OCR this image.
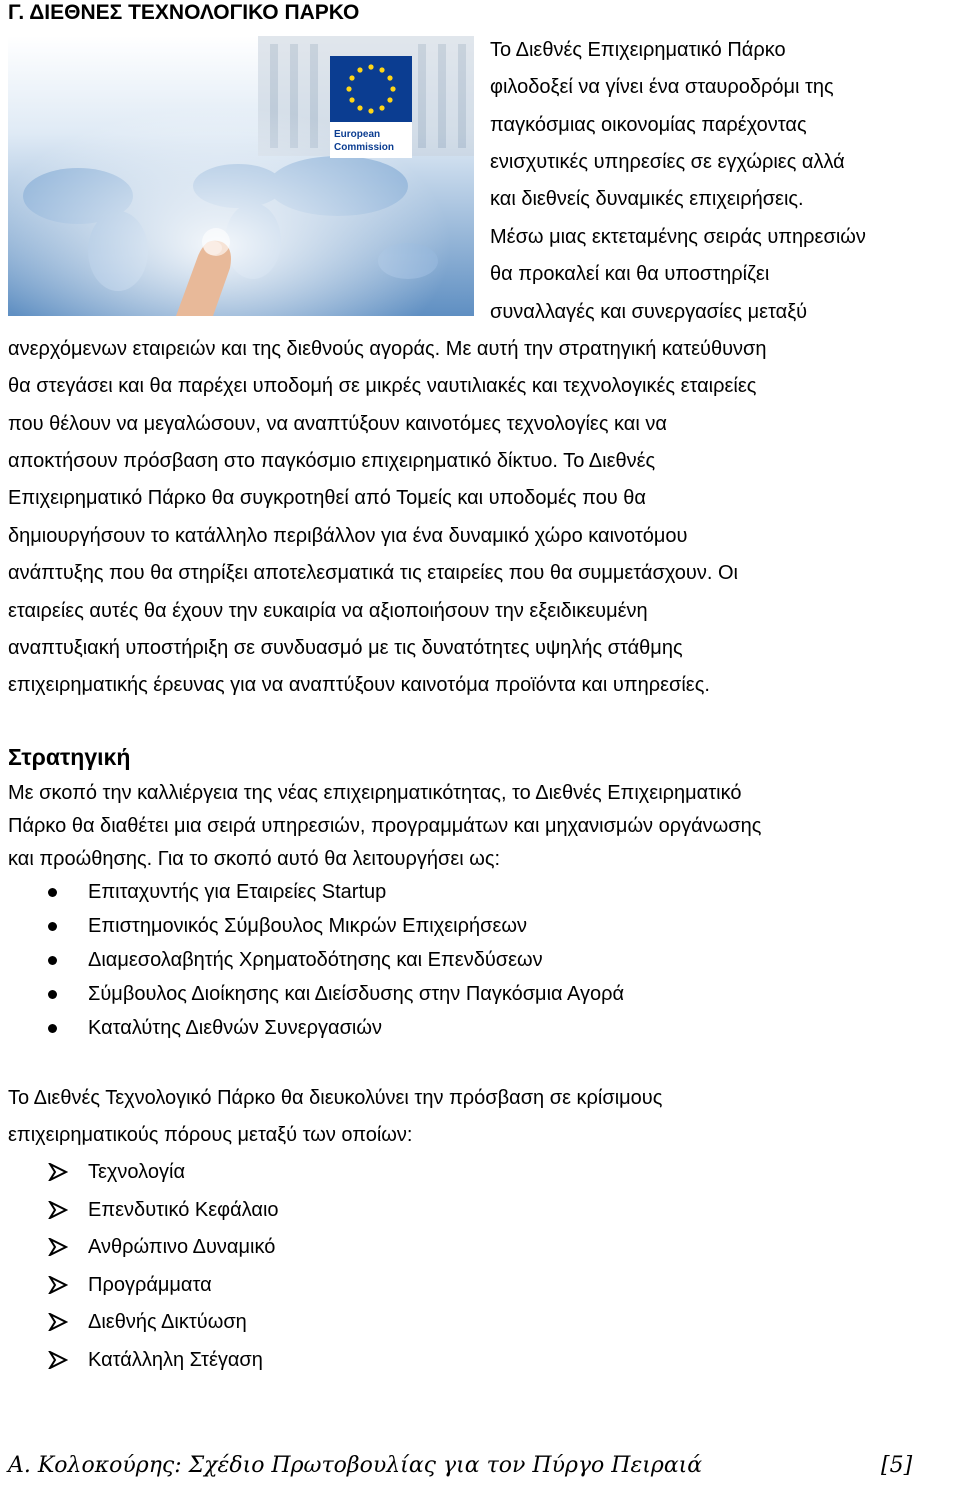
Γ. ΔΙΕΘΝΕΣ ΤΕΧΝΟΛΟΓΙΚΟ ΠΑΡΚΟ
European
Commission
Το Διεθνές Επιχειρηματικό Πάρκο
φιλοδοξεί να γίνει ένα σταυροδρόμι της
παγκόσμιας οικονομίας παρέχοντας
ενισχυτικές υπηρεσίες σε εγχώριες αλλά
και διεθνείς δυναμικές επιχειρήσεις.
Μέσω μιας εκτεταμένης σειράς υπηρεσιών
θα προκαλεί και θα υποστηρίζει
συναλλαγές και συνεργασίες μεταξύ
ανερχόμενων εταιρειών και της διεθνούς αγοράς. Με αυτή την στρατηγική κατεύθυνση
θα στεγάσει και θα παρέχει υποδομή σε μικρές ναυτιλιακές και τεχνολογικές εταιρείες
που θέλουν να μεγαλώσουν, να αναπτύξουν καινοτόμες τεχνολογίες και να
αποκτήσουν πρόσβαση στο παγκόσμιο επιχειρηματικό δίκτυο. Το Διεθνές
Επιχειρηματικό Πάρκο θα συγκροτηθεί από Τομείς και υποδομές που θα
δημιουργήσουν το κατάλληλο περιβάλλον για ένα δυναμικό χώρο καινοτόμου
ανάπτυξης που θα στηρίξει αποτελεσματικά τις εταιρείες που θα συμμετάσχουν. Οι
εταιρείες αυτές θα έχουν την ευκαιρία να αξιοποιήσουν την εξειδικευμένη
αναπτυξιακή υποστήριξη σε συνδυασμό με τις δυνατότητες υψηλής στάθμης
επιχειρηματικής έρευνας για να αναπτύξουν καινοτόμα προϊόντα και υπηρεσίες.
Στρατηγική
Με σκοπό την καλλιέργεια της νέας επιχειρηματικότητας, το Διεθνές Επιχειρηματικό
Πάρκο θα διαθέτει μια σειρά υπηρεσιών, προγραμμάτων και μηχανισμών οργάνωσης
και προώθησης. Για το σκοπό αυτό θα λειτουργήσει ως:
Επιταχυντής για Εταιρείες Startup
Επιστημονικός Σύμβουλος Μικρών Επιχειρήσεων
Διαμεσολαβητής Χρηματοδότησης και Επενδύσεων
Σύμβουλος Διοίκησης και Διείσδυσης στην Παγκόσμια Αγορά
Καταλύτης Διεθνών Συνεργασιών
Το Διεθνές Τεχνολογικό Πάρκο θα διευκολύνει την πρόσβαση σε κρίσιμους
επιχειρηματικούς πόρους μεταξύ των οποίων:
Τεχνολογία
Επενδυτικό Κεφάλαιο
Ανθρώπινο Δυναμικό
Προγράμματα
Διεθνής Δικτύωση
Κατάλληλη Στέγαση
Α. Κολοκούρης: Σχέδιο Πρωτοβουλίας για τον Πύργο Πειραιά	[5]
